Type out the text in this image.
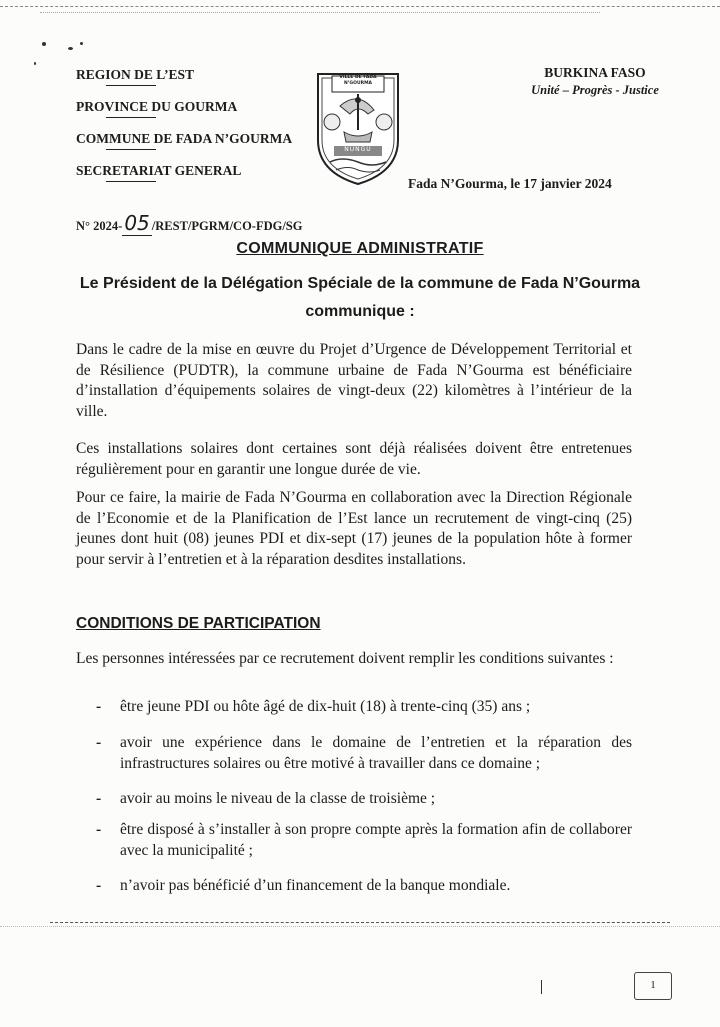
REGION DE L’EST
PROVINCE DU GOURMA
COMMUNE DE FADA N’GOURMA
SECRETARIAT GENERAL
VILLE DE FADA N’GOURMA
NUNGU
BURKINA FASO
Unité – Progrès - Justice
Fada N’Gourma, le 17 janvier 2024
N° 2024- 05 /REST/PGRM/CO-FDG/SG
COMMUNIQUE ADMINISTRATIF
Le Président de la Délégation Spéciale de la commune de Fada N’Gourma communique :
Dans le cadre de la mise en œuvre du Projet d’Urgence de Développement Territorial et de Résilience (PUDTR), la commune urbaine de Fada N’Gourma est bénéficiaire d’installation d’équipements solaires de vingt-deux (22) kilomètres à l’intérieur de la ville.
Ces installations solaires dont certaines sont déjà réalisées doivent être entretenues régulièrement pour en garantir une longue durée de vie.
Pour ce faire, la mairie de Fada N’Gourma en collaboration avec la Direction Régionale de l’Economie et de la Planification de l’Est lance un recrutement de vingt-cinq (25) jeunes dont huit (08) jeunes PDI et dix-sept (17) jeunes de la population hôte à former pour servir à l’entretien et à la réparation desdites installations.
CONDITIONS DE PARTICIPATION
Les personnes intéressées par ce recrutement doivent remplir les conditions suivantes :
- être jeune PDI ou hôte âgé de dix-huit (18) à trente-cinq (35) ans ;
- avoir une expérience dans le domaine de l’entretien et la réparation des infrastructures solaires ou être motivé à travailler dans ce domaine ;
- avoir au moins le niveau de la classe de troisième ;
- être disposé à s’installer à son propre compte après la formation afin de collaborer avec la municipalité ;
- n’avoir pas bénéficié d’un financement de la banque mondiale.
1
